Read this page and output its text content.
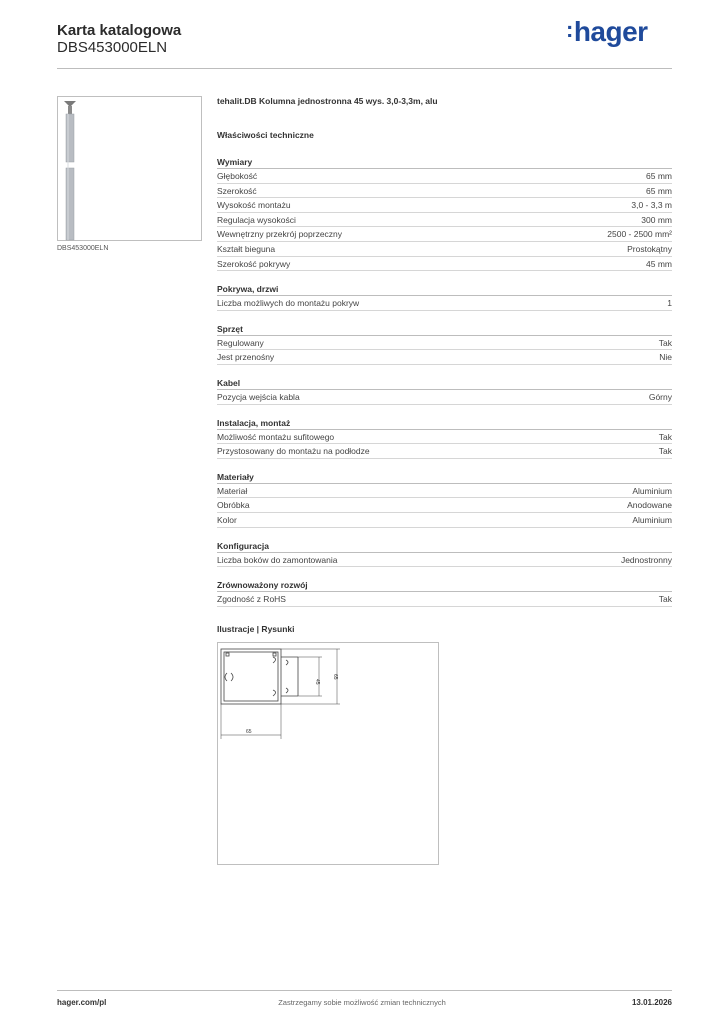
Karta katalogowa
DBS453000ELN
:hager
DBS453000ELN
tehalit.DB Kolumna jednostronna 45 wys. 3,0-3,3m, alu
Właściwości techniczne
Wymiary
Głębokość	65 mm
Szerokość	65 mm
Wysokość montażu	3,0 - 3,3 m
Regulacja wysokości	300 mm
Wewnętrzny przekrój poprzeczny	2500 - 2500 mm²
Kształt bieguna	Prostokątny
Szerokość pokrywy	45 mm
Pokrywa, drzwi
Liczba możliwych do montażu pokryw	1
Sprzęt
Regulowany	Tak
Jest przenośny	Nie
Kabel
Pozycja wejścia kabla	Górny
Instalacja, montaż
Możliwość montażu sufitowego	Tak
Przystosowany do montażu na podłodze	Tak
Materiały
Materiał	Aluminium
Obróbka	Anodowane
Kolor	Aluminium
Konfiguracja
Liczba boków do zamontowania	Jednostronny
Zrównoważony rozwój
Zgodność z RoHS	Tak
Ilustracje | Rysunki
65
45
65
hager.com/pl	Zastrzegamy sobie możliwość zmian technicznych	13.01.2026
